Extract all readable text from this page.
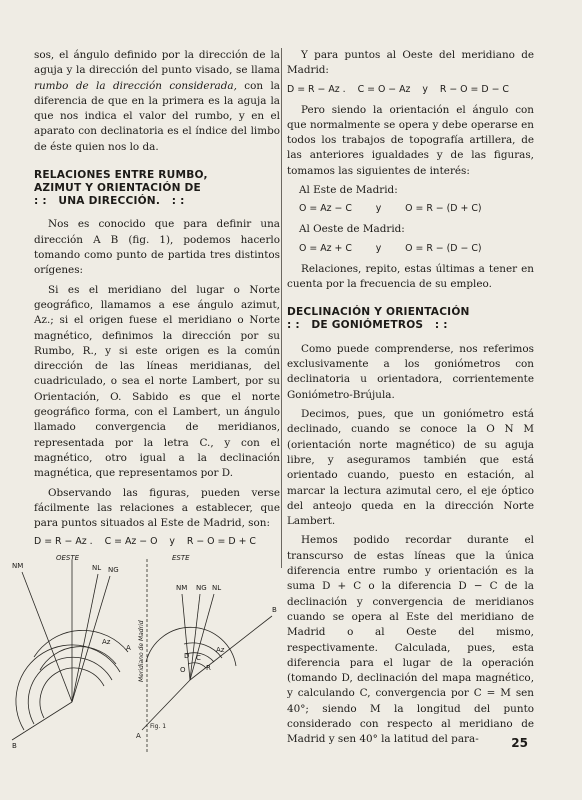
sos, el ángulo definido por la dirección de la aguja y la dirección del punto visado, se llama rumbo de la dirección considerada, con la diferencia de que en la primera es la aguja la que nos indica el valor del rumbo, y en el aparato con declinatoria es el índice del limbo de éste quien nos lo da.

RELACIONES ENTRE RUMBO,
AZIMUT Y ORIENTACIÓN DE
: :   UNA DIRECCIÓN.   : :

Nos es conocido que para definir una dirección A B (fig. 1), podemos hacerlo tomando como punto de partida tres distintos orígenes:

Si es el meridiano del lugar o Norte geográfico, llamamos a ese ángulo azimut, Az.; si el origen fuese el meridiano o Norte magnético, definimos la dirección por su Rumbo, R., y si este origen es la común dirección de las líneas meridianas, del cuadriculado, o sea el norte Lambert, por su Orientación, O. Sabido es que el norte geográfico forma, con el Lambert, un ángulo llamado convergencia de meridianos, representada por la letra C., y con el magnético, otro igual a la declinación magnética, que representamos por D.

Observando las figuras, pueden verse fácilmente las relaciones a establecer, que para puntos situados al Este de Madrid, son:

D = R − Az .    C = Az − O    y    R − O = D + C
OESTE	ESTE
NM	NL NG
A
B
Az
NM NG NL
B
A
Az
C
D
R
O
Fig. 1
Meridiano de Madrid

Y para puntos al Oeste del meridiano de Madrid:

D = R − Az .    C = O − Az    y    R − O = D − C

Pero siendo la orientación el ángulo con que normalmente se opera y debe operarse en todos los trabajos de topografía artillera, de las anteriores igualdades y de las figuras, tomamos las siguientes de interés:

Al Este de Madrid:

O = Az − C        y        O = R − (D + C)

Al Oeste de Madrid:

O = Az + C        y        O = R − (D − C)

Relaciones, repito, estas últimas a tener en cuenta por la frecuencia de su empleo.

DECLINACIÓN Y ORIENTACIÓN
: :   DE GONIÓMETROS   : :

Como puede comprenderse, nos referimos exclusivamente a los goniómetros con declinatoria u orientadora, corrientemente Goniómetro-Brújula.

Decimos, pues, que un goniómetro está declinado, cuando se conoce la O N M (orientación norte magnético) de su aguja libre, y aseguramos también que está orientado cuando, puesto en estación, al marcar la lectura azimutal cero, el eje óptico del anteojo queda en la dirección Norte Lambert.

Hemos podido recordar durante el transcurso de estas líneas que la única diferencia entre rumbo y orientación es la suma D + C o la diferencia D − C de la declinación y convergencia de meridianos cuando se opera al Este del meridiano de Madrid o al Oeste del mismo, respectivamente. Calculada, pues, esta diferencia para el lugar de la operación (tomando D, declinación del mapa magnético, y calculando C, convergencia por C = M sen 40°; siendo M la longitud del punto considerado con respecto al meridiano de Madrid y sen 40° la latitud del para-	25
